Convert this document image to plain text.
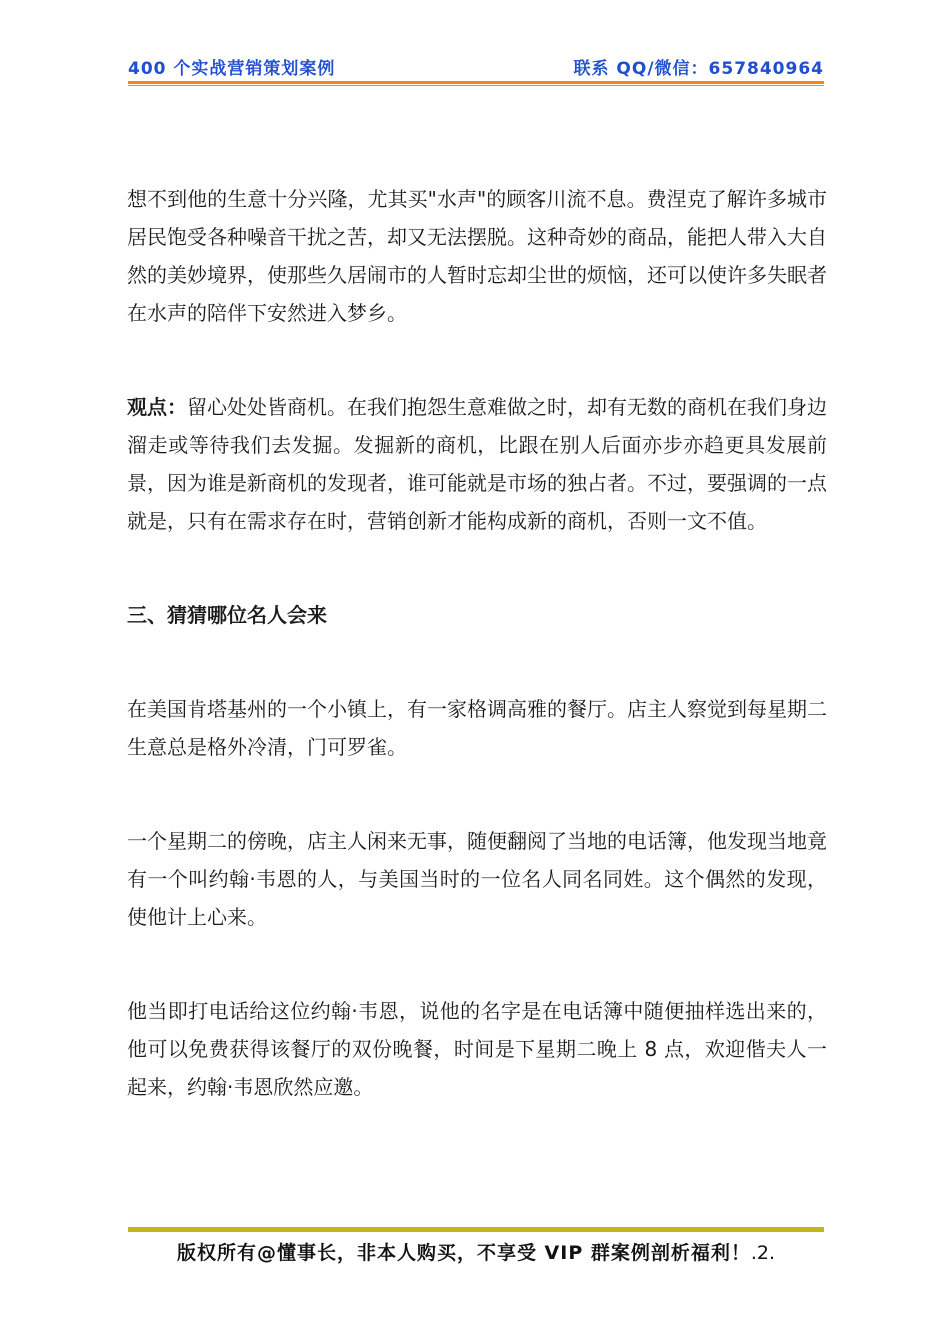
400 个实战营销策划案例	联系 QQ/微信：657840964

想不到他的生意十分兴隆，尤其买"水声"的顾客川流不息。费涅克了解许多城市居民饱受各种噪音干扰之苦，却又无法摆脱。这种奇妙的商品，能把人带入大自然的美妙境界，使那些久居闹市的人暂时忘却尘世的烦恼，还可以使许多失眠者在水声的陪伴下安然进入梦乡。

观点：留心处处皆商机。在我们抱怨生意难做之时，却有无数的商机在我们身边溜走或等待我们去发掘。发掘新的商机，比跟在别人后面亦步亦趋更具发展前景，因为谁是新商机的发现者，谁可能就是市场的独占者。不过，要强调的一点就是，只有在需求存在时，营销创新才能构成新的商机，否则一文不值。

三、猜猜哪位名人会来

在美国肯塔基州的一个小镇上，有一家格调高雅的餐厅。店主人察觉到每星期二生意总是格外冷清，门可罗雀。

一个星期二的傍晚，店主人闲来无事，随便翻阅了当地的电话簿，他发现当地竟有一个叫约翰·韦恩的人，与美国当时的一位名人同名同姓。这个偶然的发现，使他计上心来。

他当即打电话给这位约翰·韦恩，说他的名字是在电话簿中随便抽样选出来的，他可以免费获得该餐厅的双份晚餐，时间是下星期二晚上 8 点，欢迎偕夫人一起来，约翰·韦恩欣然应邀。

版权所有@懂事长，非本人购买，不享受 VIP 群案例剖析福利！.2.
